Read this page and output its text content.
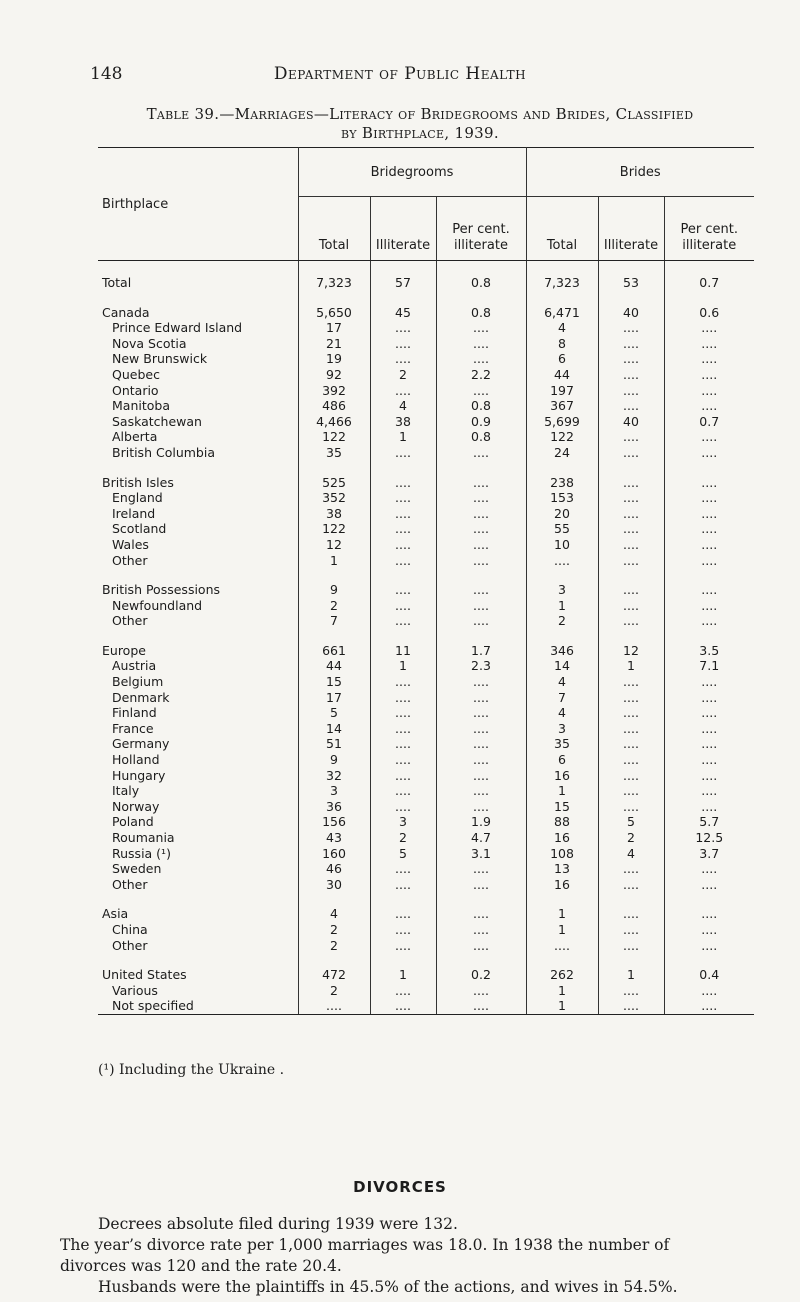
148	Department of Public Health
Table 39.—Marriages—Literacy of Bridegrooms and Brides, Classified
by Birthplace, 1939.
Birthplace	Bridegrooms			Brides		
	Total	Illiterate	Per cent. illiterate	Total	Illiterate	Per cent. illiterate
Total	7,323	57	0.8	7,323	53	0.7

Canada	5,650	45	0.8	6,471	40	0.6
Prince Edward Island	17	....	....	4	....	....
Nova Scotia	21	....	....	8	....	....
New Brunswick	19	....	....	6	....	....
Quebec	92	2	2.2	44	....	....
Ontario	392	....	....	197	....	....
Manitoba	486	4	0.8	367	....	....
Saskatchewan	4,466	38	0.9	5,699	40	0.7
Alberta	122	1	0.8	122	....	....
British Columbia	35	....	....	24	....	....

British Isles	525	....	....	238	....	....
England	352	....	....	153	....	....
Ireland	38	....	....	20	....	....
Scotland	122	....	....	55	....	....
Wales	12	....	....	10	....	....
Other	1	....	....	....	....	....

British Possessions	9	....	....	3	....	....
Newfoundland	2	....	....	1	....	....
Other	7	....	....	2	....	....

Europe	661	11	1.7	346	12	3.5
Austria	44	1	2.3	14	1	7.1
Belgium	15	....	....	4	....	....
Denmark	17	....	....	7	....	....
Finland	5	....	....	4	....	....
France	14	....	....	3	....	....
Germany	51	....	....	35	....	....
Holland	9	....	....	6	....	....
Hungary	32	....	....	16	....	....
Italy	3	....	....	1	....	....
Norway	36	....	....	15	....	....
Poland	156	3	1.9	88	5	5.7
Roumania	43	2	4.7	16	2	12.5
Russia (¹)	160	5	3.1	108	4	3.7
Sweden	46	....	....	13	....	....
Other	30	....	....	16	....	....

Asia	4	....	....	1	....	....
China	2	....	....	1	....	....
Other	2	....	....	....	....	....

United States	472	1	0.2	262	1	0.4
Various	2	....	....	1	....	....
Not specified	....	....	....	1	....	....
(¹) Including the Ukraine .
DIVORCES
Decrees absolute filed during 1939 were 132.
The year’s divorce rate per 1,000 marriages was 18.0. In 1938 the number of divorces was 120 and the rate 20.4.
Husbands were the plaintiffs in 45.5% of the actions, and wives in 54.5%.
